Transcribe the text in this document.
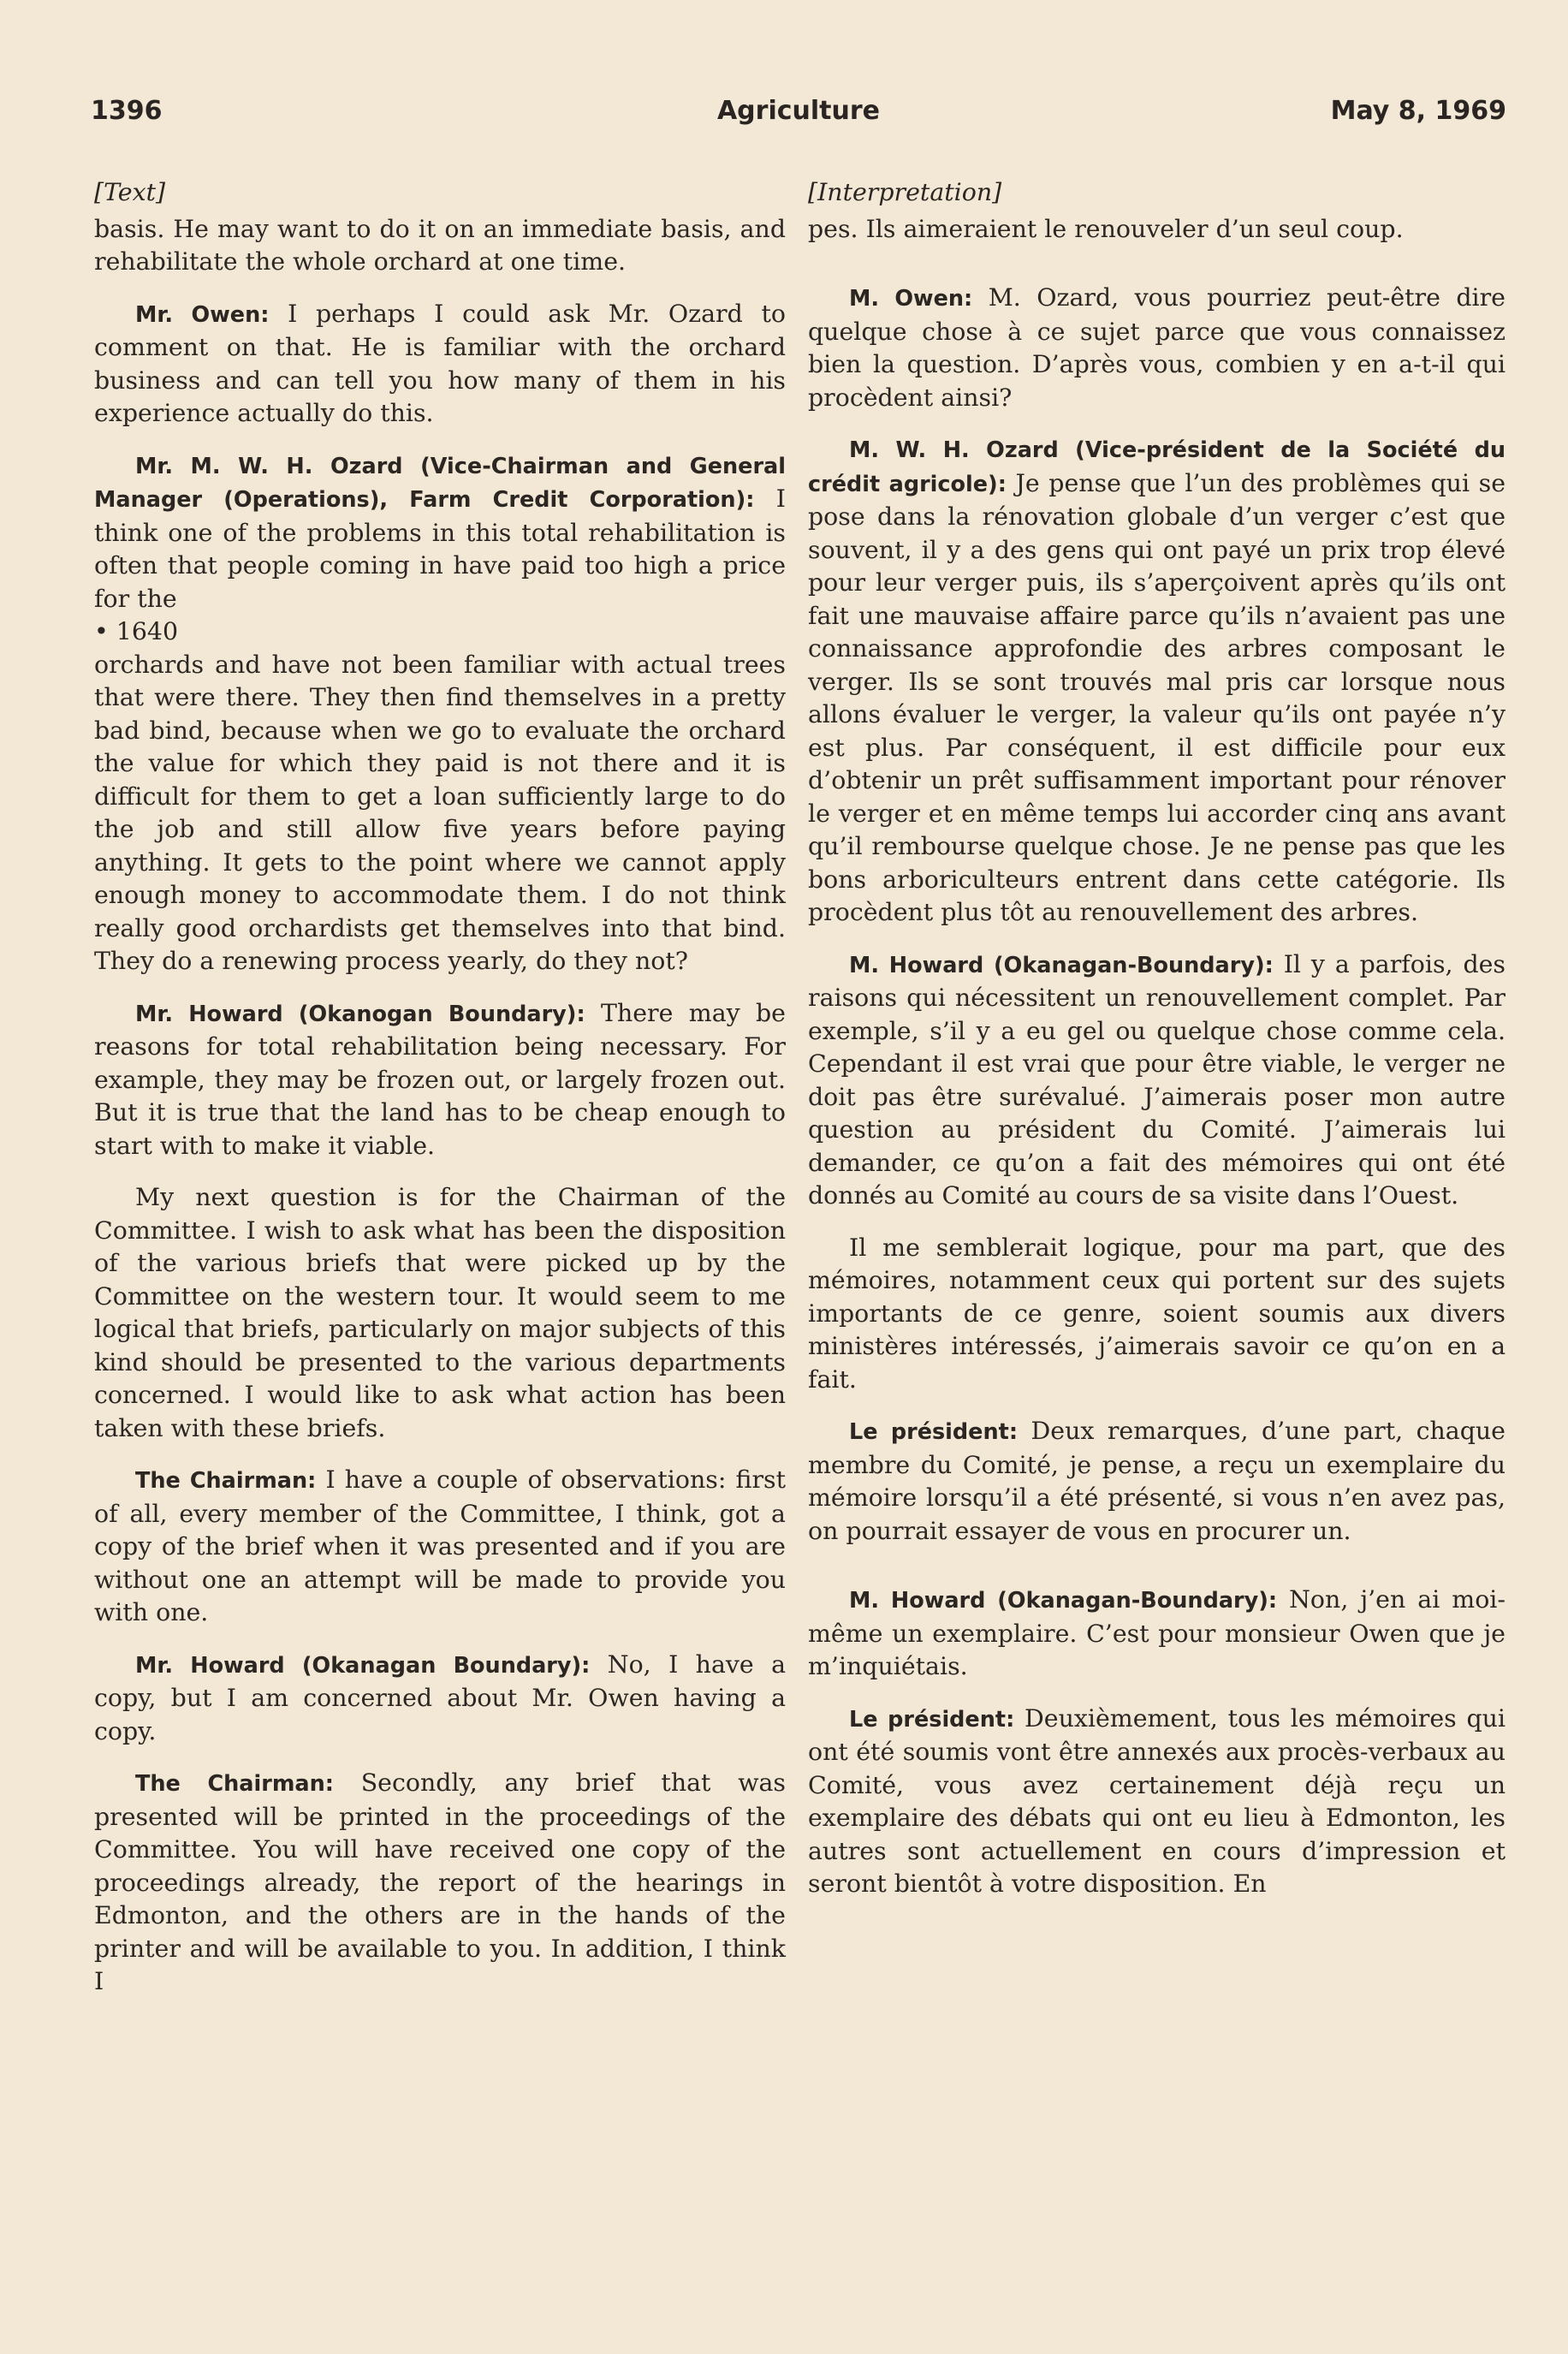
1396	Agriculture	May 8, 1969
[Text]

basis. He may want to do it on an immediate basis, and rehabilitate the whole orchard at one time.

Mr. Owen: I perhaps I could ask Mr. Ozard to comment on that. He is familiar with the orchard business and can tell you how many of them in his experience actually do this.

Mr. M. W. H. Ozard (Vice-Chairman and General Manager (Operations), Farm Credit Corporation): I think one of the problems in this total rehabilitation is often that people coming in have paid too high a price for the

• 1640

orchards and have not been familiar with actual trees that were there. They then find themselves in a pretty bad bind, because when we go to evaluate the orchard the value for which they paid is not there and it is difficult for them to get a loan sufficiently large to do the job and still allow five years before paying anything. It gets to the point where we cannot apply enough money to accommodate them. I do not think really good orchardists get themselves into that bind. They do a renewing process yearly, do they not?

Mr. Howard (Okanogan Boundary): There may be reasons for total rehabilitation being necessary. For example, they may be frozen out, or largely frozen out. But it is true that the land has to be cheap enough to start with to make it viable.

My next question is for the Chairman of the Committee. I wish to ask what has been the disposition of the various briefs that were picked up by the Committee on the western tour. It would seem to me logical that briefs, particularly on major subjects of this kind should be presented to the various departments concerned. I would like to ask what action has been taken with these briefs.

The Chairman: I have a couple of observations: first of all, every member of the Committee, I think, got a copy of the brief when it was presented and if you are without one an attempt will be made to provide you with one.

Mr. Howard (Okanagan Boundary): No, I have a copy, but I am concerned about Mr. Owen having a copy.

The Chairman: Secondly, any brief that was presented will be printed in the proceedings of the Committee. You will have received one copy of the proceedings already, the report of the hearings in Edmonton, and the others are in the hands of the printer and will be available to you. In addition, I think I

[Interpretation]

pes. Ils aimeraient le renouveler d’un seul coup.

M. Owen: M. Ozard, vous pourriez peut-être dire quelque chose à ce sujet parce que vous connaissez bien la question. D’après vous, combien y en a-t-il qui procèdent ainsi?

M. W. H. Ozard (Vice-président de la Société du crédit agricole): Je pense que l’un des problèmes qui se pose dans la rénovation globale d’un verger c’est que souvent, il y a des gens qui ont payé un prix trop élevé pour leur verger puis, ils s’aperçoivent après qu’ils ont fait une mauvaise affaire parce qu’ils n’avaient pas une connaissance approfondie des arbres composant le verger. Ils se sont trouvés mal pris car lorsque nous allons évaluer le verger, la valeur qu’ils ont payée n’y est plus. Par conséquent, il est difficile pour eux d’obtenir un prêt suffisamment important pour rénover le verger et en même temps lui accorder cinq ans avant qu’il rembourse quelque chose. Je ne pense pas que les bons arboriculteurs entrent dans cette catégorie. Ils procèdent plus tôt au renouvellement des arbres.

M. Howard (Okanagan-Boundary): Il y a parfois, des raisons qui nécessitent un renouvellement complet. Par exemple, s’il y a eu gel ou quelque chose comme cela. Cependant il est vrai que pour être viable, le verger ne doit pas être surévalué. J’aimerais poser mon autre question au président du Comité. J’aimerais lui demander, ce qu’on a fait des mémoires qui ont été donnés au Comité au cours de sa visite dans l’Ouest.

Il me semblerait logique, pour ma part, que des mémoires, notamment ceux qui portent sur des sujets importants de ce genre, soient soumis aux divers ministères intéressés, j’aimerais savoir ce qu’on en a fait.

Le président: Deux remarques, d’une part, chaque membre du Comité, je pense, a reçu un exemplaire du mémoire lorsqu’il a été présenté, si vous n’en avez pas, on pourrait essayer de vous en procurer un.

M. Howard (Okanagan-Boundary): Non, j’en ai moi-même un exemplaire. C’est pour monsieur Owen que je m’inquiétais.

Le président: Deuxièmement, tous les mémoires qui ont été soumis vont être annexés aux procès-verbaux au Comité, vous avez certainement déjà reçu un exemplaire des débats qui ont eu lieu à Edmonton, les autres sont actuellement en cours d’impression et seront bientôt à votre disposition. En
